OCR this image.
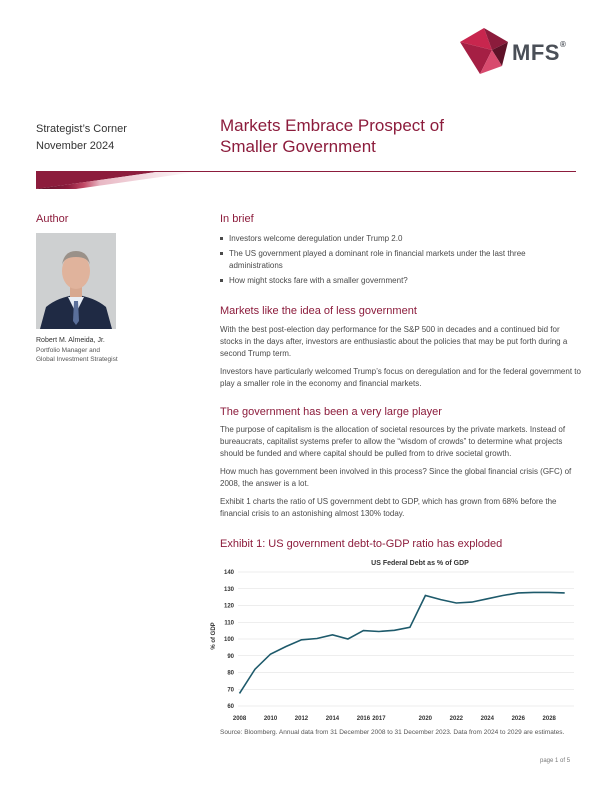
MFS®
Strategist’s Corner
November 2024
Markets Embrace Prospect of
Smaller Government
Author
Robert M. Almeida, Jr.
Portfolio Manager and
Global Investment Strategist
In brief
Investors welcome deregulation under Trump 2.0
The US government played a dominant role in financial markets under the last three administrations
How might stocks fare with a smaller government?
Markets like the idea of less government

With the best post-election day performance for the S&P 500 in decades and a continued bid for stocks in the days after, investors are enthusiastic about the policies that may be put forth during a second Trump term.

Investors have particularly welcomed Trump’s focus on deregulation and for the federal government to play a smaller role in the economy and financial markets.

The government has been a very large player

The purpose of capitalism is the allocation of societal resources by the private markets. Instead of bureaucrats, capitalist systems prefer to allow the “wisdom of crowds” to determine what projects should be funded and where capital should be pulled from to drive societal growth.

How much has government been involved in this process? Since the global financial crisis (GFC) of 2008, the answer is a lot.

Exhibit 1 charts the ratio of US government debt to GDP, which has grown from 68% before the financial crisis to an astonishing almost 130% today.

Exhibit 1: US government debt-to-GDP ratio has exploded
US Federal Debt as % of GDP
% of GDP
60
70
80
90
100
110
120
130
140
2008	2010	2012	2014	2016 2017	2020	2022	2024	2026	2028
Source: Bloomberg. Annual data from 31 December 2008 to 31 December 2023. Data from 2024 to 2029 are estimates.
page 1 of 5
